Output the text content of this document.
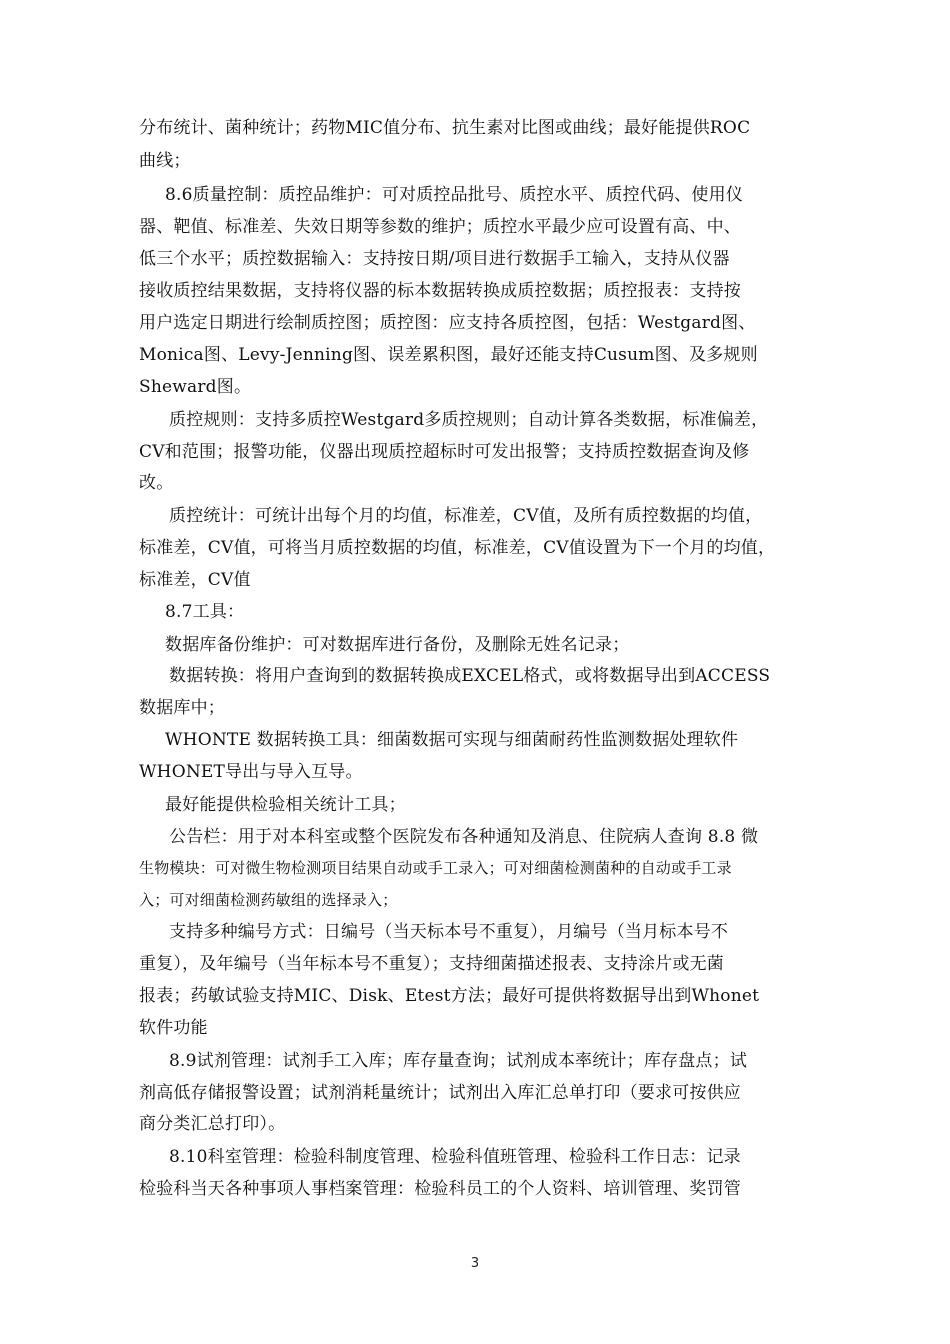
分布统计、菌种统计；药物MIC值分布、抗生素对比图或曲线；最好能提供ROC
曲线；
8.6质量控制：质控品维护：可对质控品批号、质控水平、质控代码、使用仪
器、靶值、标准差、失效日期等参数的维护；质控水平最少应可设置有高、中、
低三个水平；质控数据输入：支持按日期/项目进行数据手工输入，支持从仪器
接收质控结果数据，支持将仪器的标本数据转换成质控数据；质控报表：支持按
用户选定日期进行绘制质控图；质控图：应支持各质控图，包括：Westgard图、
Monica图、Levy-Jenning图、误差累积图，最好还能支持Cusum图、及多规则
Sheward图。
质控规则：支持多质控Westgard多质控规则；自动计算各类数据，标准偏差，
CV和范围；报警功能，仪器出现质控超标时可发出报警；支持质控数据查询及修
改。
质控统计：可统计出每个月的均值，标准差，CV值，及所有质控数据的均值，
标准差，CV值，可将当月质控数据的均值，标准差，CV值设置为下一个月的均值，
标准差，CV值
8.7工具：
数据库备份维护：可对数据库进行备份，及删除无姓名记录；
数据转换：将用户查询到的数据转换成EXCEL格式，或将数据导出到ACCESS
数据库中；
WHONTE 数据转换工具：细菌数据可实现与细菌耐药性监测数据处理软件
WHONET导出与导入互导。
最好能提供检验相关统计工具；
公告栏：用于对本科室或整个医院发布各种通知及消息、住院病人查询 8.8 微
生物模块：可对微生物检测项目结果自动或手工录入；可对细菌检测菌种的自动或手工录
入；可对细菌检测药敏组的选择录入；
支持多种编号方式：日编号（当天标本号不重复），月编号（当月标本号不
重复），及年编号（当年标本号不重复）；支持细菌描述报表、支持涂片或无菌
报表；药敏试验支持MIC、Disk、Etest方法；最好可提供将数据导出到Whonet
软件功能
8.9试剂管理：试剂手工入库；库存量查询；试剂成本率统计；库存盘点；试
剂高低存储报警设置；试剂消耗量统计；试剂出入库汇总单打印（要求可按供应
商分类汇总打印）。
8.10科室管理：检验科制度管理、检验科值班管理、检验科工作日志：记录
检验科当天各种事项人事档案管理：检验科员工的个人资料、培训管理、奖罚管
3
